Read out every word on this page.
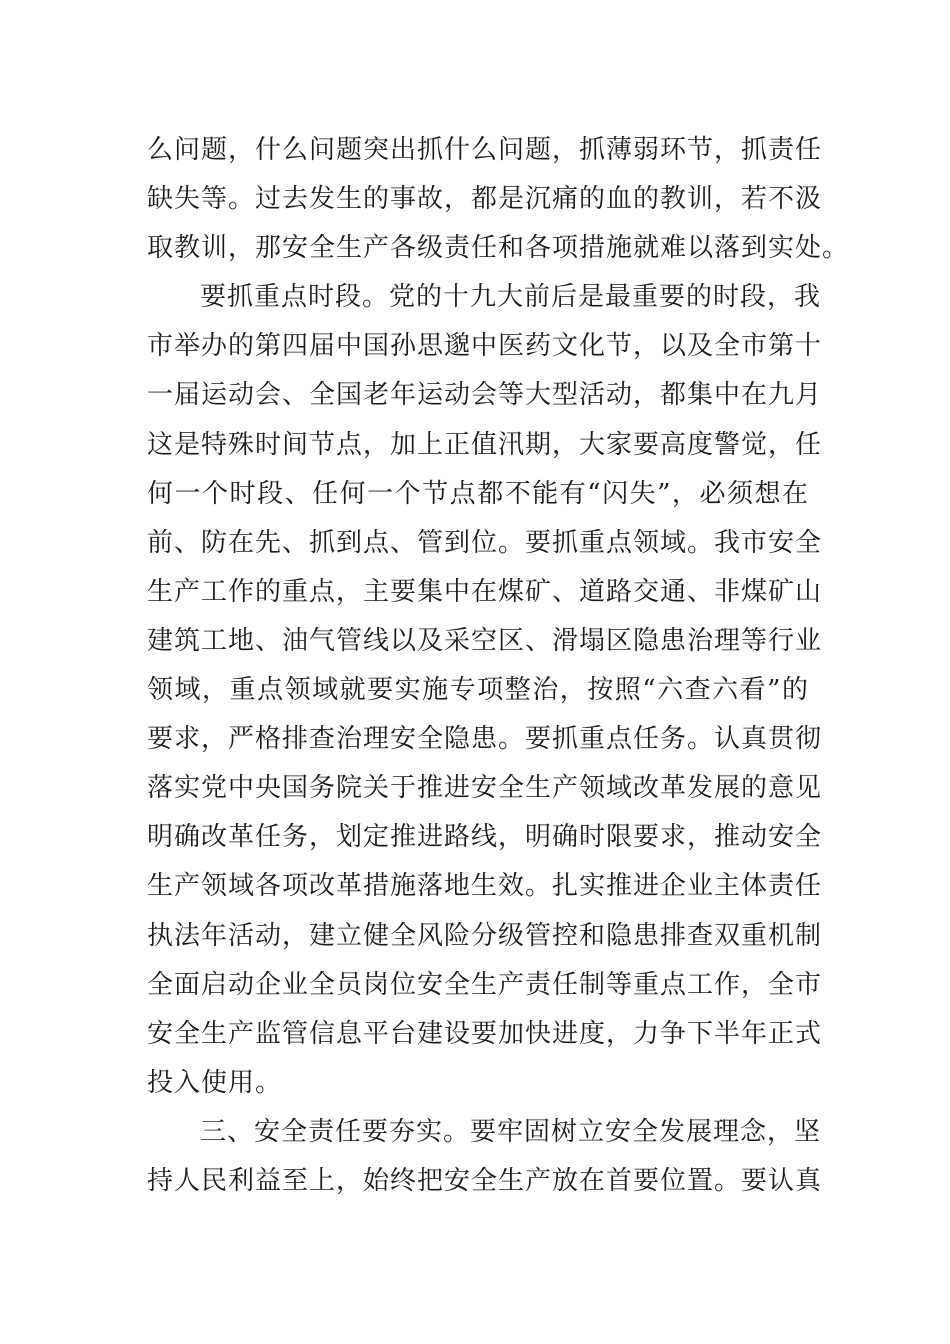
么问题，什么问题突出抓什么问题，抓薄弱环节，抓责任
缺失等。过去发生的事故，都是沉痛的血的教训，若不汲
取教训，那安全生产各级责任和各项措施就难以落到实处。
要抓重点时段。党的十九大前后是最重要的时段，我
市举办的第四届中国孙思邈中医药文化节，以及全市第十
一届运动会、全国老年运动会等大型活动，都集中在九月
这是特殊时间节点，加上正值汛期，大家要高度警觉，任
何一个时段、任何一个节点都不能有“闪失”，必须想在
前、防在先、抓到点、管到位。要抓重点领域。我市安全
生产工作的重点，主要集中在煤矿、道路交通、非煤矿山
建筑工地、油气管线以及采空区、滑塌区隐患治理等行业
领域，重点领域就要实施专项整治，按照“六查六看”的
要求，严格排查治理安全隐患。要抓重点任务。认真贯彻
落实党中央国务院关于推进安全生产领域改革发展的意见
明确改革任务，划定推进路线，明确时限要求，推动安全
生产领域各项改革措施落地生效。扎实推进企业主体责任
执法年活动，建立健全风险分级管控和隐患排查双重机制
全面启动企业全员岗位安全生产责任制等重点工作，全市
安全生产监管信息平台建设要加快进度，力争下半年正式
投入使用。
三、安全责任要夯实。要牢固树立安全发展理念，坚
持人民利益至上，始终把安全生产放在首要位置。要认真
